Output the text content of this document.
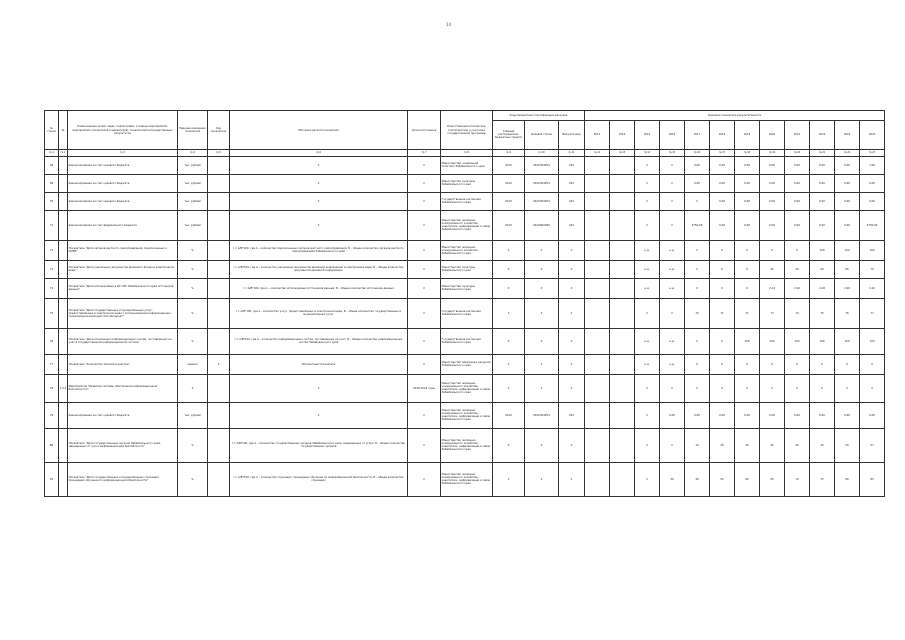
14
№ строки	№	Наименование целей, задач, подпрограмм, основных мероприятий, мероприятий, показателей (индикаторов), показателей непосредственных результатов	Единица измерения показателя	Код показателя	Методика расчета показателя	Сроки исполнения	Ответственный исполнитель, соисполнители и участники государственной программы	Коды бюджетной классификации расходов			Значения показателя результативности											
								Главный распорядитель бюджетных средств	Целевая статья	Вид расходов	2013	2014	2015	2016	2017	2018	2019	2020	2021	2022	2023	2024
гр.1	гр.2	гр.3	гр.4	гр.5	гр.6	гр.7	гр.8	гр.9	гр.10	гр.11	гр.12	гр.13	гр.14	гр.15	гр.16	гр.17	гр.18	гр.19	гр.20	гр.21	гр.22	гр.23
68		финансирование за счет краевого бюджета	тыс. рублей		Х	Х	Министерство социальной политики Забайкальского края	0410	0610304054	242			Х	Х	0,00	0,00	0,00	0,00	0,00	0,00	0,00	7,00
69		финансирование за счет краевого бюджета	тыс. рублей		Х	Х	Министерство культуры Забайкальского края	0410	0610304054	242			Х	Х	0,00	0,00	0,00	0,00	0,00	0,00	0,00	0,00
70		финансирование за счет краевого бюджета	тыс. рублей		Х	Х	Государственная инспекция Забайкальского края	0410	0610304054	242			Х	Х	Х	0,00	0,00	0,00	0,00	0,00	0,00	0,00
71		финансирование за счет федерального бюджета	тыс. рублей		Х	Х	Министерство жилищно-коммунального хозяйства, энергетики, цифровизации и связи Забайкальского края	0410	06103R0280	242			Х	Х	4750,00	0,00	0,00	0,00	0,00	0,00	0,00	4750,00
72		Показатель "Доля органов местного самоуправления, подключенных к СМЭВ"	%		I = А/В*100, где А – количество подключенных органов местного самоуправления; В – общее количество органов местного самоуправления Забайкальского края	Х	Министерство жилищно-коммунального хозяйства Забайкальского края	Х	Х	Х			н.д.	н.д.	Х	0	0	0	0	100	100	100
73		Показатель "Доля уникальных документов архивного фонда в электронном виде"	%		I = А/В*100, где А – количество уникальных документов архивной информации в электронном виде; В – общее количество документов архивной информации	Х	Министерство культуры Забайкальского края	Х	Х	Х			н.д.	н.д.	Х	0	0	40	50	60	65	70
74		Показатель "Доля используемых в ИС ГИС Забайкальского края источников данных"	%		I = А/В*100, где А – количество используемых источников данных; В – общее количество источников данных	Х	Министерство культуры Забайкальского края	Х	Х	Х			н.д.	н.д.	Х	0	0	2,14	2,16	2,18	2,20	2,22
75		Показатель "Доля государственных и муниципальных услуг, предоставляемых в электронном виде с использованием информационно-телекоммуникационной сети Интернет"	%		I = А/В*100, где А – количество услуг, предоставляемых в электронном виде; В – общее количество государственных и муниципальных услуг	Х	Государственная инспекция Забайкальского края	Х	Х	Х			Х	Х	70	71	72	73	74	75	76	77
76		Показатель "Доля отнесенных информационных систем, поставленных на учет в государственной информационной системе"	%		I = А/В*100, где А – количество информационных систем, поставленных на учет; В – общее количество информационных систем Забайкальского края	Х	Государственная инспекция Забайкальского края	Х	Х	Х			н.д.	н.д.	Х	Х	100	100	100	100	100	100
77		Показатель "Количество записей в реестре"	единиц	Х	Абсолютный показатель	Х	Министерство природных ресурсов Забайкальского края	Х	Х	Х			н.д.	н.д.	0	0	0	0	0	0	0	0
78	1.3.3	Мероприятие "Развитие системы обеспечения информационной безопасности"	Х		Х	2018-2024 годы	Министерство жилищно-коммунального хозяйства, энергетики, цифровизации и связи Забайкальского края	Х	Х	Х			Х	Х	Х	Х	Х	Х	Х	Х	Х	Х
79		финансирование за счет краевого бюджета	тыс. рублей		Х	Х	Министерство жилищно-коммунального хозяйства, энергетики, цифровизации и связи Забайкальского края	0410	0610304054	242			Х	0,00	0,00	0,00	0,00	0,00	0,00	0,00	0,00	0,00
80		Показатель "Доля государственных органов Забайкальского края, защищенных от угроз информационной безопасности"	%		I = А/В*100, где А – количество государственных органов Забайкальского края, защищенных от угроз; В – общее количество государственных органов	Х	Министерство жилищно-коммунального хозяйства, энергетики, цифровизации и связи Забайкальского края	Х	Х	Х			Х	Х	10	20	30	40	40	45	50	57
81		Показатель "Доля государственных и муниципальных служащих, прошедших обучение по информационной безопасности"	%		I = А/В*100, где А – количество служащих, прошедших обучение по информационной безопасности; В – общее количество служащих	Х	Министерство жилищно-коммунального хозяйства, энергетики, цифровизации и связи Забайкальского края	Х	Х	Х			Х	30	40	50	60	65	70	75	80	85
